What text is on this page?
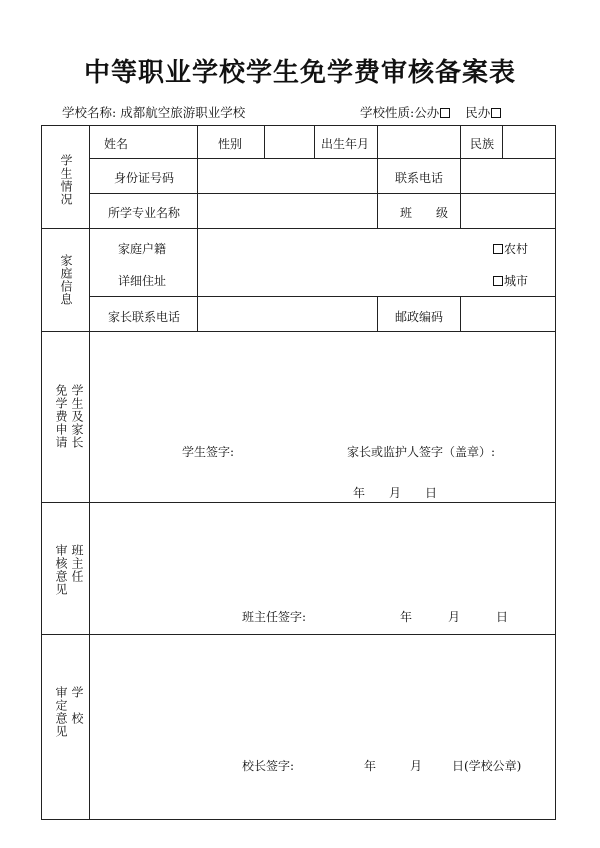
中等职业学校学生免学费审核备案表
学校名称: 成都航空旅游职业学校	学校性质:公办 民办
学生情况
姓名	性别	出生年月	民族
身份证号码	联系电话
所学专业名称	班　　级
家庭信息
家庭户籍
详细住址
农村
城市
家长联系电话	邮政编码
学生及家长
免学费申请
学生签字:	家长或监护人签字（盖章）:
年　　月　　日
班主任
审核意见
班主任签字:	年　　　月　　　日
学　校
审定意见
校长签字:	年	月 日(学校公章)
